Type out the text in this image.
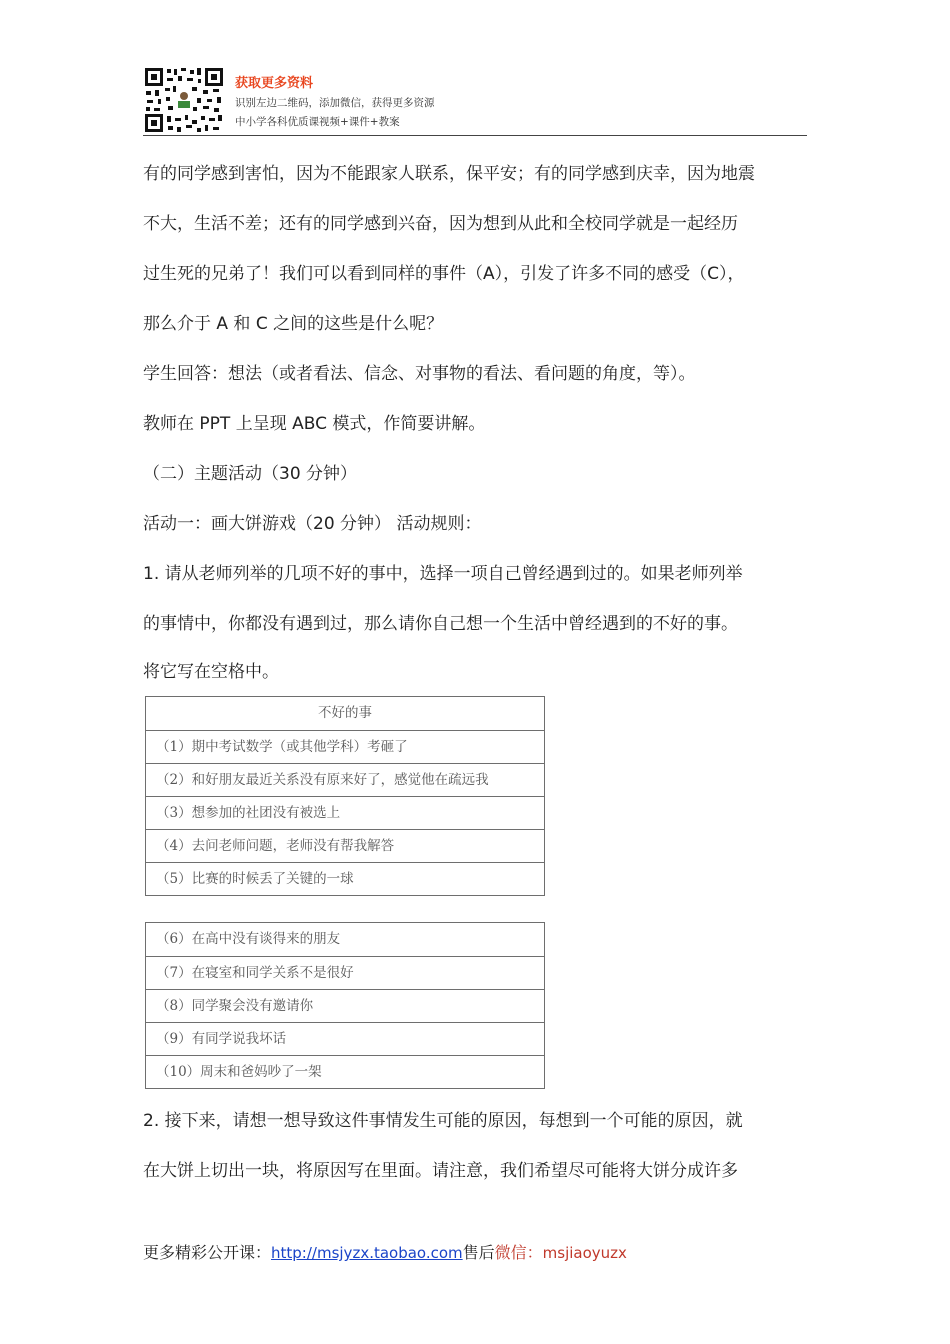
获取更多资料
识别左边二维码，添加微信，获得更多资源
中小学各科优质课视频+课件+教案
有的同学感到害怕，因为不能跟家人联系，保平安；有的同学感到庆幸，因为地震
不大，生活不差；还有的同学感到兴奋，因为想到从此和全校同学就是一起经历
过生死的兄弟了！我们可以看到同样的事件（A），引发了许多不同的感受（C），
那么介于 A 和 C 之间的这些是什么呢？
学生回答：想法（或者看法、信念、对事物的看法、看问题的角度，等）。
教师在 PPT 上呈现 ABC 模式，作简要讲解。
（二）主题活动（30 分钟）
活动一：画大饼游戏（20 分钟） 活动规则：
1. 请从老师列举的几项不好的事中，选择一项自己曾经遇到过的。如果老师列举
的事情中，你都没有遇到过，那么请你自己想一个生活中曾经遇到的不好的事。
将它写在空格中。
不好的事
（1）期中考试数学（或其他学科）考砸了
（2）和好朋友最近关系没有原来好了，感觉他在疏远我
（3）想参加的社团没有被选上
（4）去问老师问题，老师没有帮我解答
（5）比赛的时候丢了关键的一球
（6）在高中没有谈得来的朋友
（7）在寝室和同学关系不是很好
（8）同学聚会没有邀请你
（9）有同学说我坏话
（10）周末和爸妈吵了一架
2. 接下来，请想一想导致这件事情发生可能的原因，每想到一个可能的原因，就
在大饼上切出一块，将原因写在里面。请注意，我们希望尽可能将大饼分成许多
更多精彩公开课：http://msjyzx.taobao.com售后微信：msjiaoyuzx
